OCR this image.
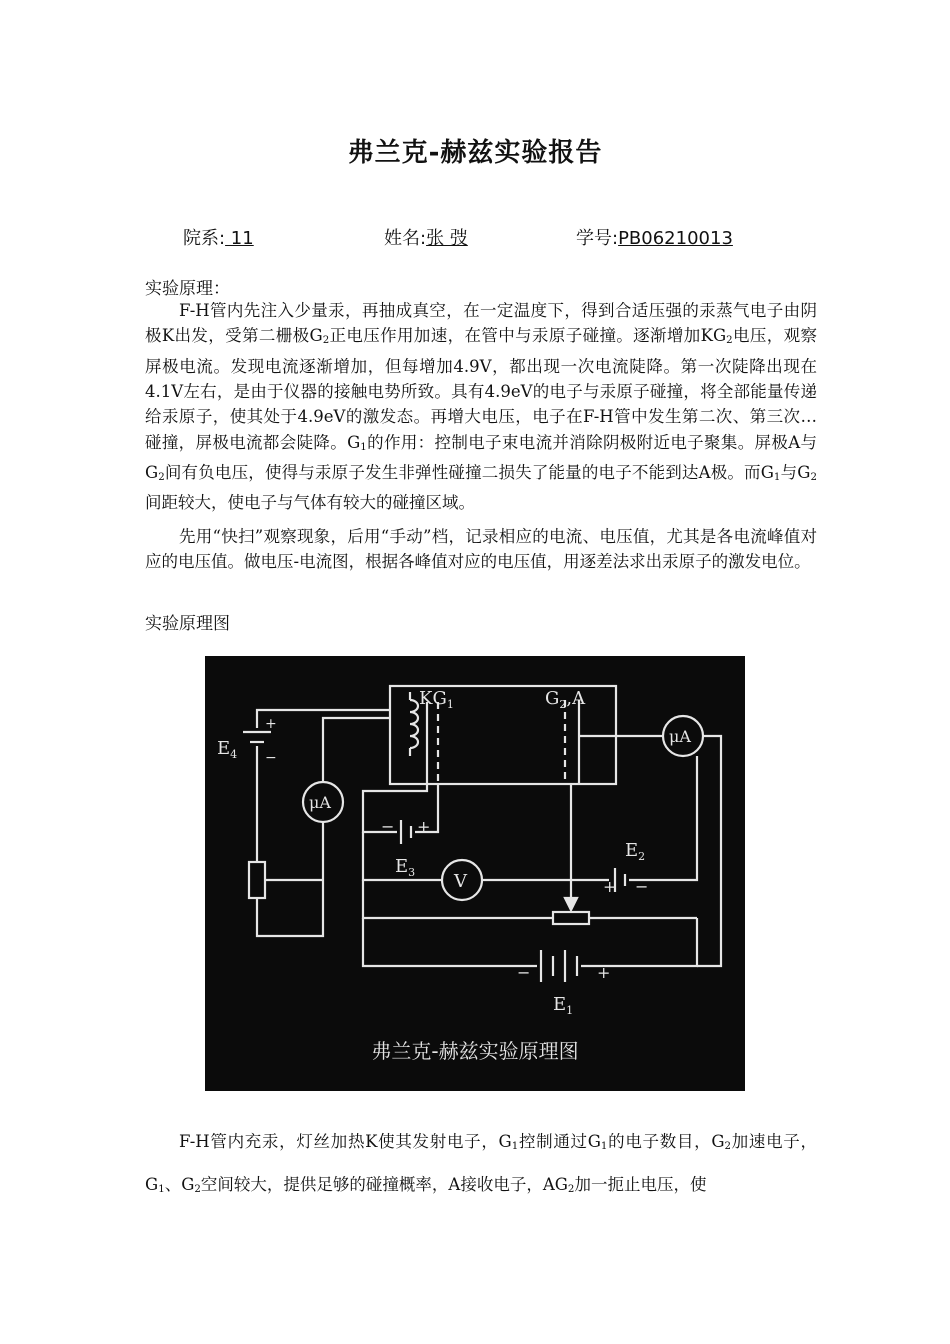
弗兰克-赫兹实验报告
院系: 11	姓名:张 弢	学号:PB06210013
实验原理：
F-H管内先注入少量汞，再抽成真空，在一定温度下，得到合适压强的汞蒸气电子由阴极K出发，受第二栅极$G_2$正电压作用加速，在管中与汞原子碰撞。逐渐增加$KG_2$电压，观察屏极电流。发现电流逐渐增加，但每增加4.9V，都出现一次电流陡降。第一次陡降出现在4.1V左右，是由于仪器的接触电势所致。具有4.9eV的电子与汞原子碰撞，将全部能量传递给汞原子，使其处于4.9eV的激发态。再增大电压，电子在F-H管中发生第二次、第三次…碰撞，屏极电流都会陡降。$G_1$的作用：控制电子束电流并消除阴极附近电子聚集。屏极A与$G_2$间有负电压，使得与汞原子发生非弹性碰撞二损失了能量的电子不能到达A极。而$G_1$与$G_2$间距较大，使电子与气体有较大的碰撞区域。
先用“快扫”观察现象，后用“手动”档，记录相应的电流、电压值，尤其是各电流峰值对应的电压值。做电压-电流图，根据各峰值对应的电压值，用逐差法求出汞原子的激发电位。
实验原理图
$E_4$
+
−
$KG_1$	$G_2,A$
μA
μA
V
− +
$E_3$
$E_2$
+ −
−	+
$E_1$
弗兰克-赫兹实验原理图
F-H管内充汞，灯丝加热K使其发射电子，$G_1$控制通过$G_1$的电子数目，$G_2$加速电子，$G_1$、$G_2$空间较大，提供足够的碰撞概率，A接收电子，$AG_2$加一扼止电压，使
